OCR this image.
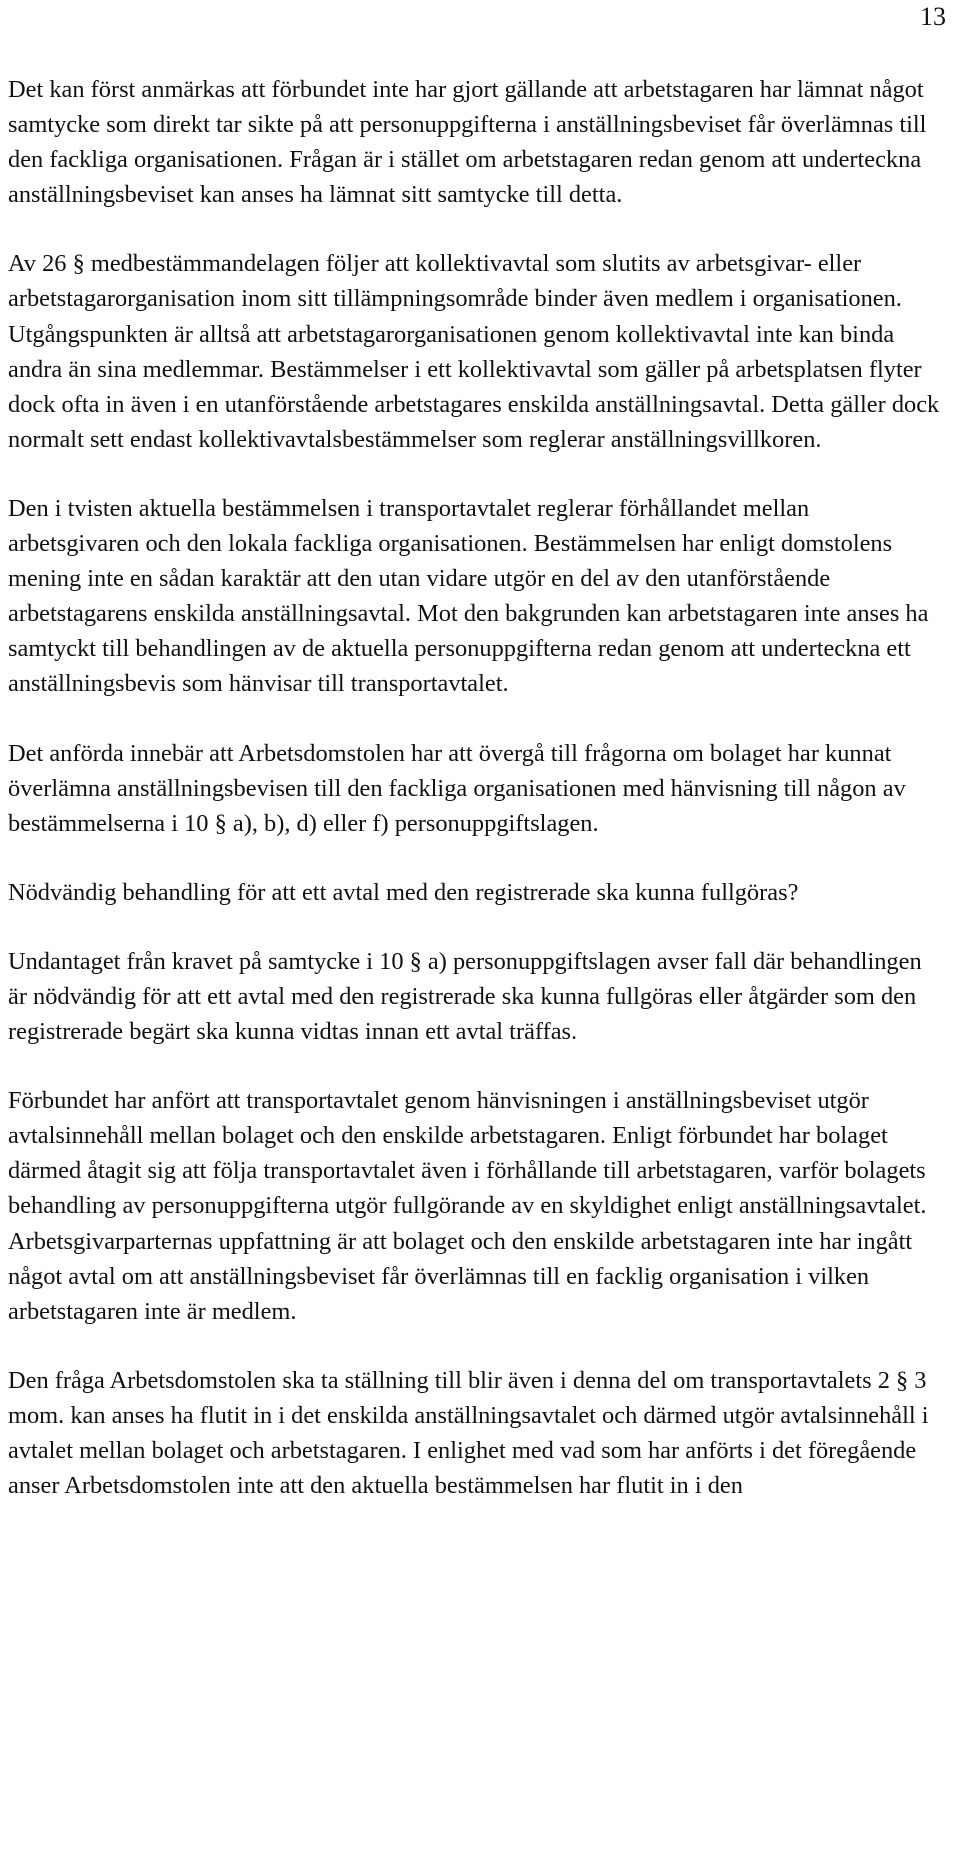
13

Det kan först anmärkas att förbundet inte har gjort gällande att arbetstagaren har lämnat något samtycke som direkt tar sikte på att personuppgifterna i anställningsbeviset får överlämnas till den fackliga organisationen. Frågan är i stället om arbetstagaren redan genom att underteckna anställningsbeviset kan anses ha lämnat sitt samtycke till detta.

Av 26 § medbestämmandelagen följer att kollektivavtal som slutits av arbetsgivar- eller arbetstagarorganisation inom sitt tillämpningsområde binder även medlem i organisationen. Utgångspunkten är alltså att arbetstagarorganisationen genom kollektivavtal inte kan binda andra än sina medlemmar. Bestämmelser i ett kollektivavtal som gäller på arbetsplatsen flyter dock ofta in även i en utanförstående arbetstagares enskilda anställningsavtal. Detta gäller dock normalt sett endast kollektivavtalsbestämmelser som reglerar anställningsvillkoren.

Den i tvisten aktuella bestämmelsen i transportavtalet reglerar förhållandet mellan arbetsgivaren och den lokala fackliga organisationen. Bestämmelsen har enligt domstolens mening inte en sådan karaktär att den utan vidare utgör en del av den utanförstående arbetstagarens enskilda anställningsavtal. Mot den bakgrunden kan arbetstagaren inte anses ha samtyckt till behandlingen av de aktuella personuppgifterna redan genom att underteckna ett anställningsbevis som hänvisar till transportavtalet.

Det anförda innebär att Arbetsdomstolen har att övergå till frågorna om bolaget har kunnat överlämna anställningsbevisen till den fackliga organisationen med hänvisning till någon av bestämmelserna i 10 § a), b), d) eller f) personuppgiftslagen.

Nödvändig behandling för att ett avtal med den registrerade ska kunna fullgöras?

Undantaget från kravet på samtycke i 10 § a) personuppgiftslagen avser fall där behandlingen är nödvändig för att ett avtal med den registrerade ska kunna fullgöras eller åtgärder som den registrerade begärt ska kunna vidtas innan ett avtal träffas.

Förbundet har anfört att transportavtalet genom hänvisningen i anställningsbeviset utgör avtalsinnehåll mellan bolaget och den enskilde arbetstagaren. Enligt förbundet har bolaget därmed åtagit sig att följa transportavtalet även i förhållande till arbetstagaren, varför bolagets behandling av personuppgifterna utgör fullgörande av en skyldighet enligt anställningsavtalet. Arbetsgivarparternas uppfattning är att bolaget och den enskilde arbetstagaren inte har ingått något avtal om att anställningsbeviset får överlämnas till en facklig organisation i vilken arbetstagaren inte är medlem.

Den fråga Arbetsdomstolen ska ta ställning till blir även i denna del om transportavtalets 2 § 3 mom. kan anses ha flutit in i det enskilda anställningsavtalet och därmed utgör avtalsinnehåll i avtalet mellan bolaget och arbetstagaren. I enlighet med vad som har anförts i det föregående anser Arbetsdomstolen inte att den aktuella bestämmelsen har flutit in i den
